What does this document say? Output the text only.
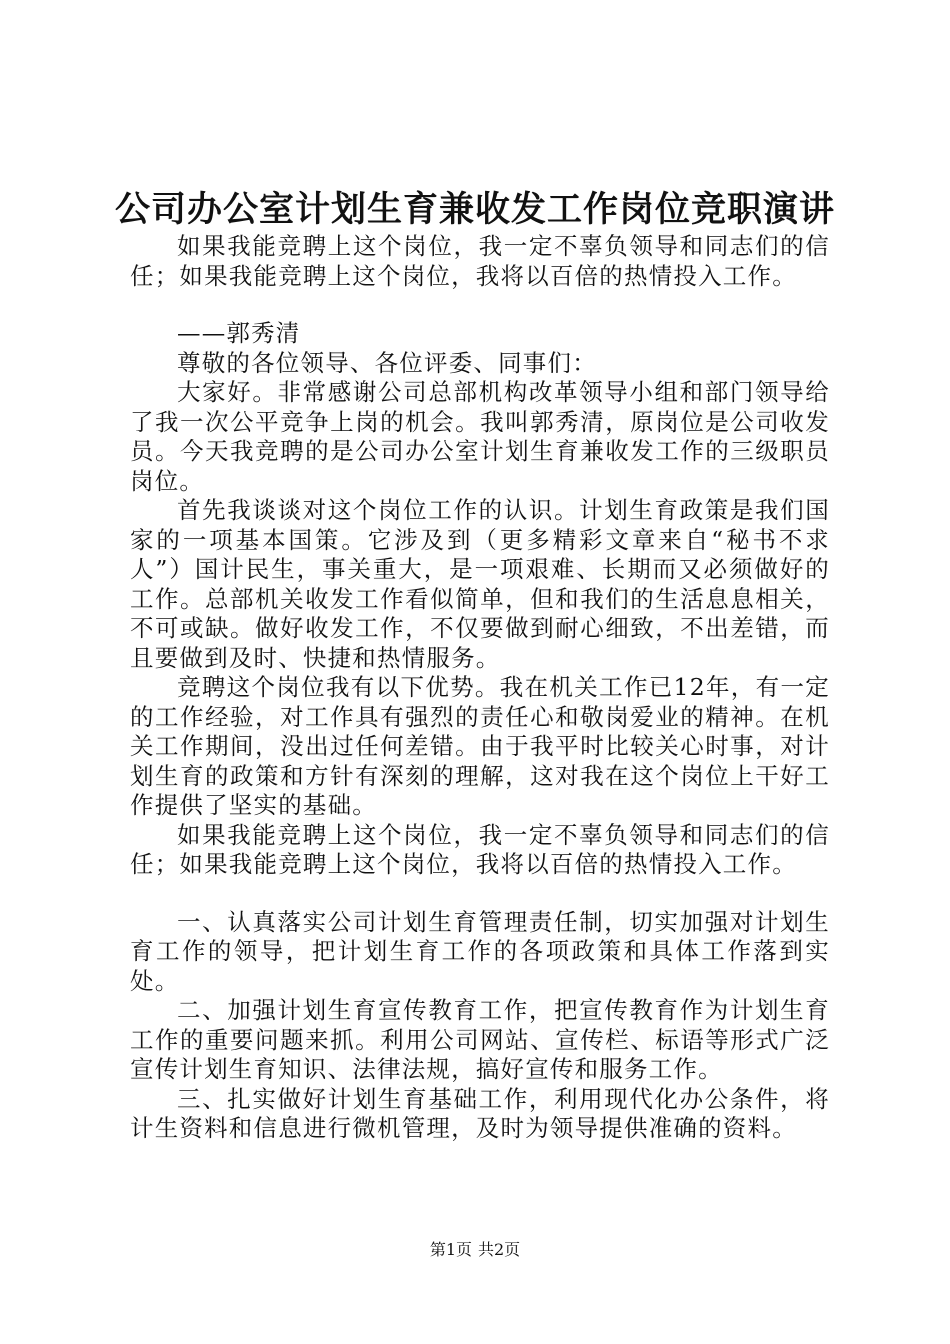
公司办公室计划生育兼收发工作岗位竞职演讲

如果我能竞聘上这个岗位，我一定不辜负领导和同志们的信任；如果我能竞聘上这个岗位，我将以百倍的热情投入工作。

——郭秀清

尊敬的各位领导、各位评委、同事们：

大家好。非常感谢公司总部机构改革领导小组和部门领导给了我一次公平竞争上岗的机会。我叫郭秀清，原岗位是公司收发员。今天我竞聘的是公司办公室计划生育兼收发工作的三级职员岗位。

首先我谈谈对这个岗位工作的认识。计划生育政策是我们国家的一项基本国策。它涉及到（更多精彩文章来自“秘书不求人”）国计民生，事关重大，是一项艰难、长期而又必须做好的工作。总部机关收发工作看似简单，但和我们的生活息息相关，不可或缺。做好收发工作，不仅要做到耐心细致，不出差错，而且要做到及时、快捷和热情服务。

竞聘这个岗位我有以下优势。我在机关工作已12年，有一定的工作经验，对工作具有强烈的责任心和敬岗爱业的精神。在机关工作期间，没出过任何差错。由于我平时比较关心时事，对计划生育的政策和方针有深刻的理解，这对我在这个岗位上干好工作提供了坚实的基础。

如果我能竞聘上这个岗位，我一定不辜负领导和同志们的信任；如果我能竞聘上这个岗位，我将以百倍的热情投入工作。

一、认真落实公司计划生育管理责任制，切实加强对计划生育工作的领导，把计划生育工作的各项政策和具体工作落到实处。

二、加强计划生育宣传教育工作，把宣传教育作为计划生育工作的重要问题来抓。利用公司网站、宣传栏、标语等形式广泛宣传计划生育知识、法律法规，搞好宣传和服务工作。

三、扎实做好计划生育基础工作，利用现代化办公条件，将计生资料和信息进行微机管理，及时为领导提供准确的资料。

第1页 共2页
